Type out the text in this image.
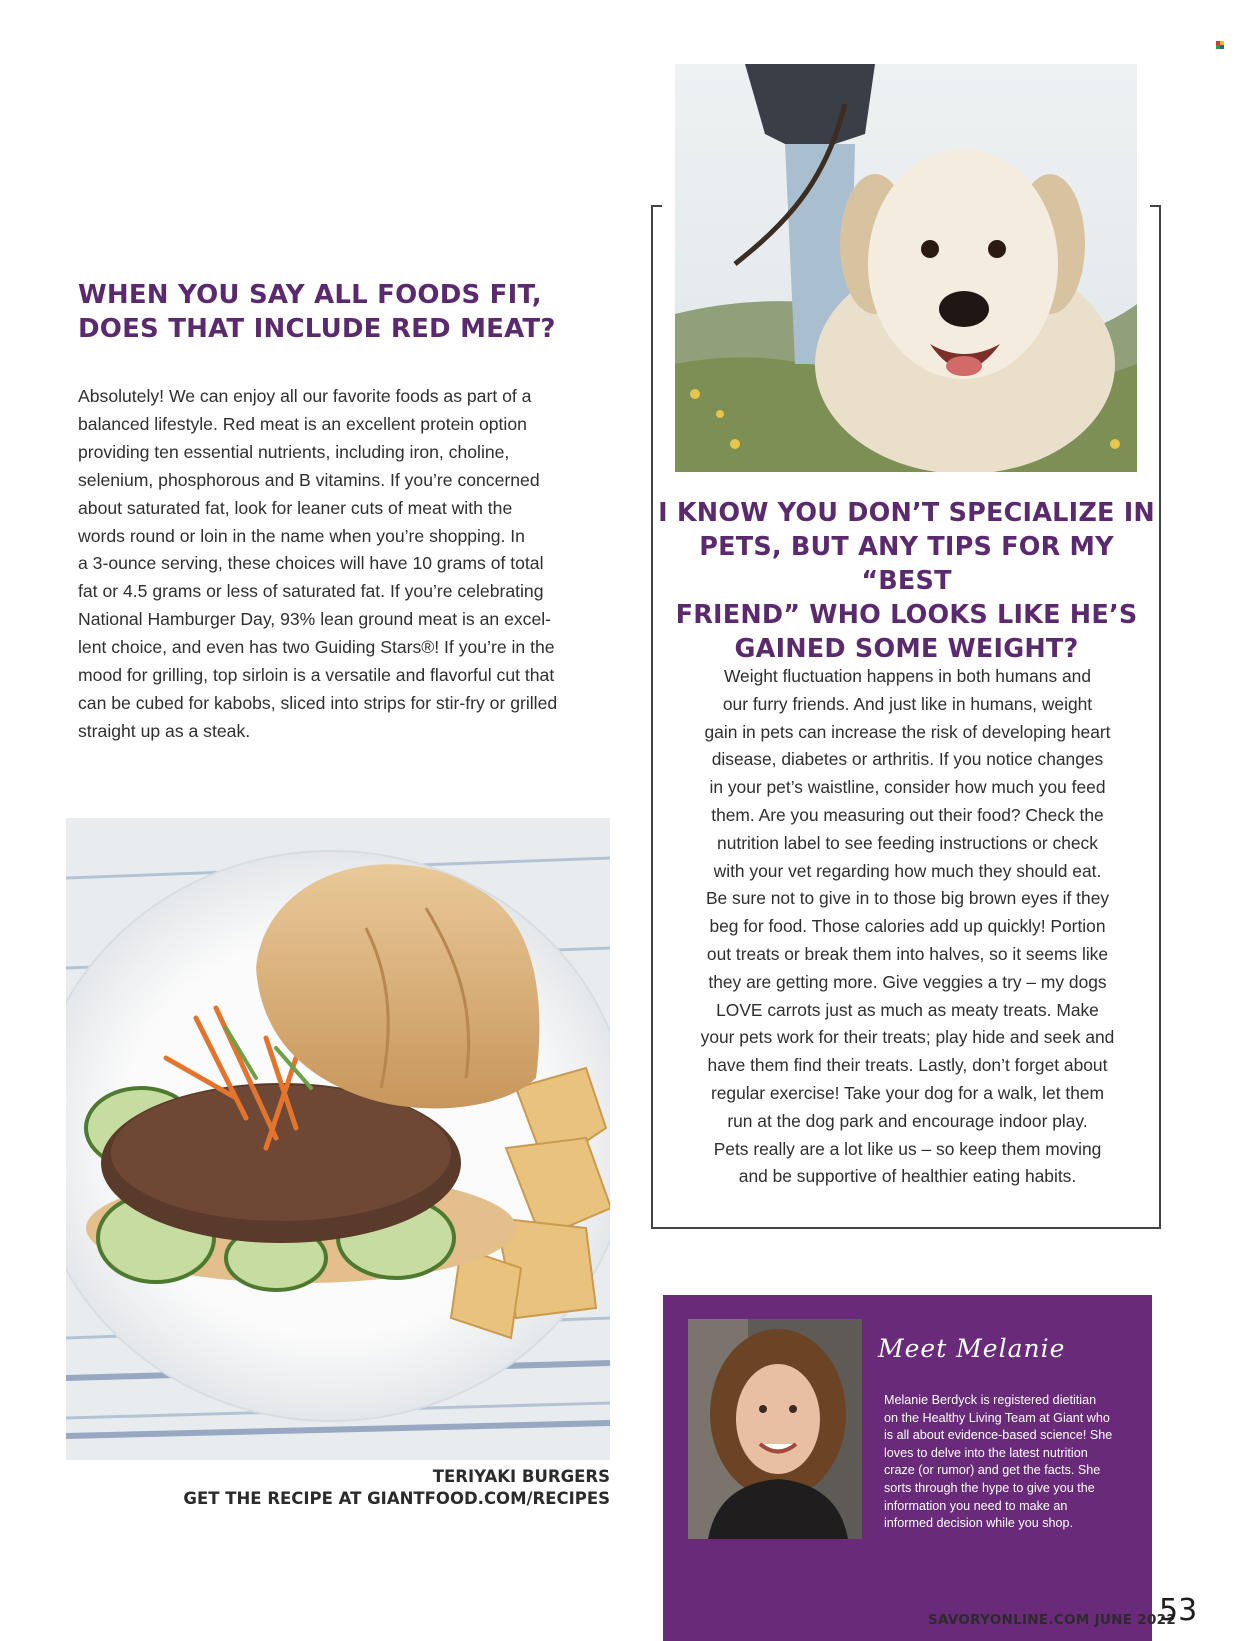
WHEN YOU SAY ALL FOODS FIT, DOES THAT INCLUDE RED MEAT?

Absolutely! We can enjoy all our favorite foods as part of a

balanced lifestyle. Red meat is an excellent protein option

providing ten essential nutrients, including iron, choline,

selenium, phosphorous and B vitamins. If you’re concerned

about saturated fat, look for leaner cuts of meat with the

words round or loin in the name when you’re shopping. In

a 3-ounce serving, these choices will have 10 grams of total

fat or 4.5 grams or less of saturated fat. If you’re celebrating

National Hamburger Day, 93% lean ground meat is an excel-

lent choice, and even has two Guiding Stars®! If you’re in the

mood for grilling, top sirloin is a versatile and flavorful cut that

can be cubed for kabobs, sliced into strips for stir-fry or grilled

straight up as a steak.

TERIYAKI BURGERS
GET THE RECIPE AT GIANTFOOD.COM/RECIPES
I KNOW YOU DON’T SPECIALIZE IN
PETS, BUT ANY TIPS FOR MY “BEST
FRIEND” WHO LOOKS LIKE HE’S
GAINED SOME WEIGHT?

Weight fluctuation happens in both humans and

our furry friends. And just like in humans, weight

gain in pets can increase the risk of developing heart

disease, diabetes or arthritis. If you notice changes

in your pet’s waistline, consider how much you feed

them. Are you measuring out their food? Check the

nutrition label to see feeding instructions or check

with your vet regarding how much they should eat.

Be sure not to give in to those big brown eyes if they

beg for food. Those calories add up quickly! Portion

out treats or break them into halves, so it seems like

they are getting more. Give veggies a try – my dogs

LOVE carrots just as much as meaty treats. Make

your pets work for their treats; play hide and seek and

have them find their treats. Lastly, don’t forget about

regular exercise! Take your dog for a walk, let them

run at the dog park and encourage indoor play.

Pets really are a lot like us – so keep them moving

and be supportive of healthier eating habits.

Meet Melanie
Melanie Berdyck is registered dietitian
on the Healthy Living Team at Giant who
is all about evidence-based science! She
loves to delve into the latest nutrition
craze (or rumor) and get the facts. She
sorts through the hype to give you the
information you need to make an
informed decision while you shop.
SAVORYONLINE.COM JUNE 2022
53
